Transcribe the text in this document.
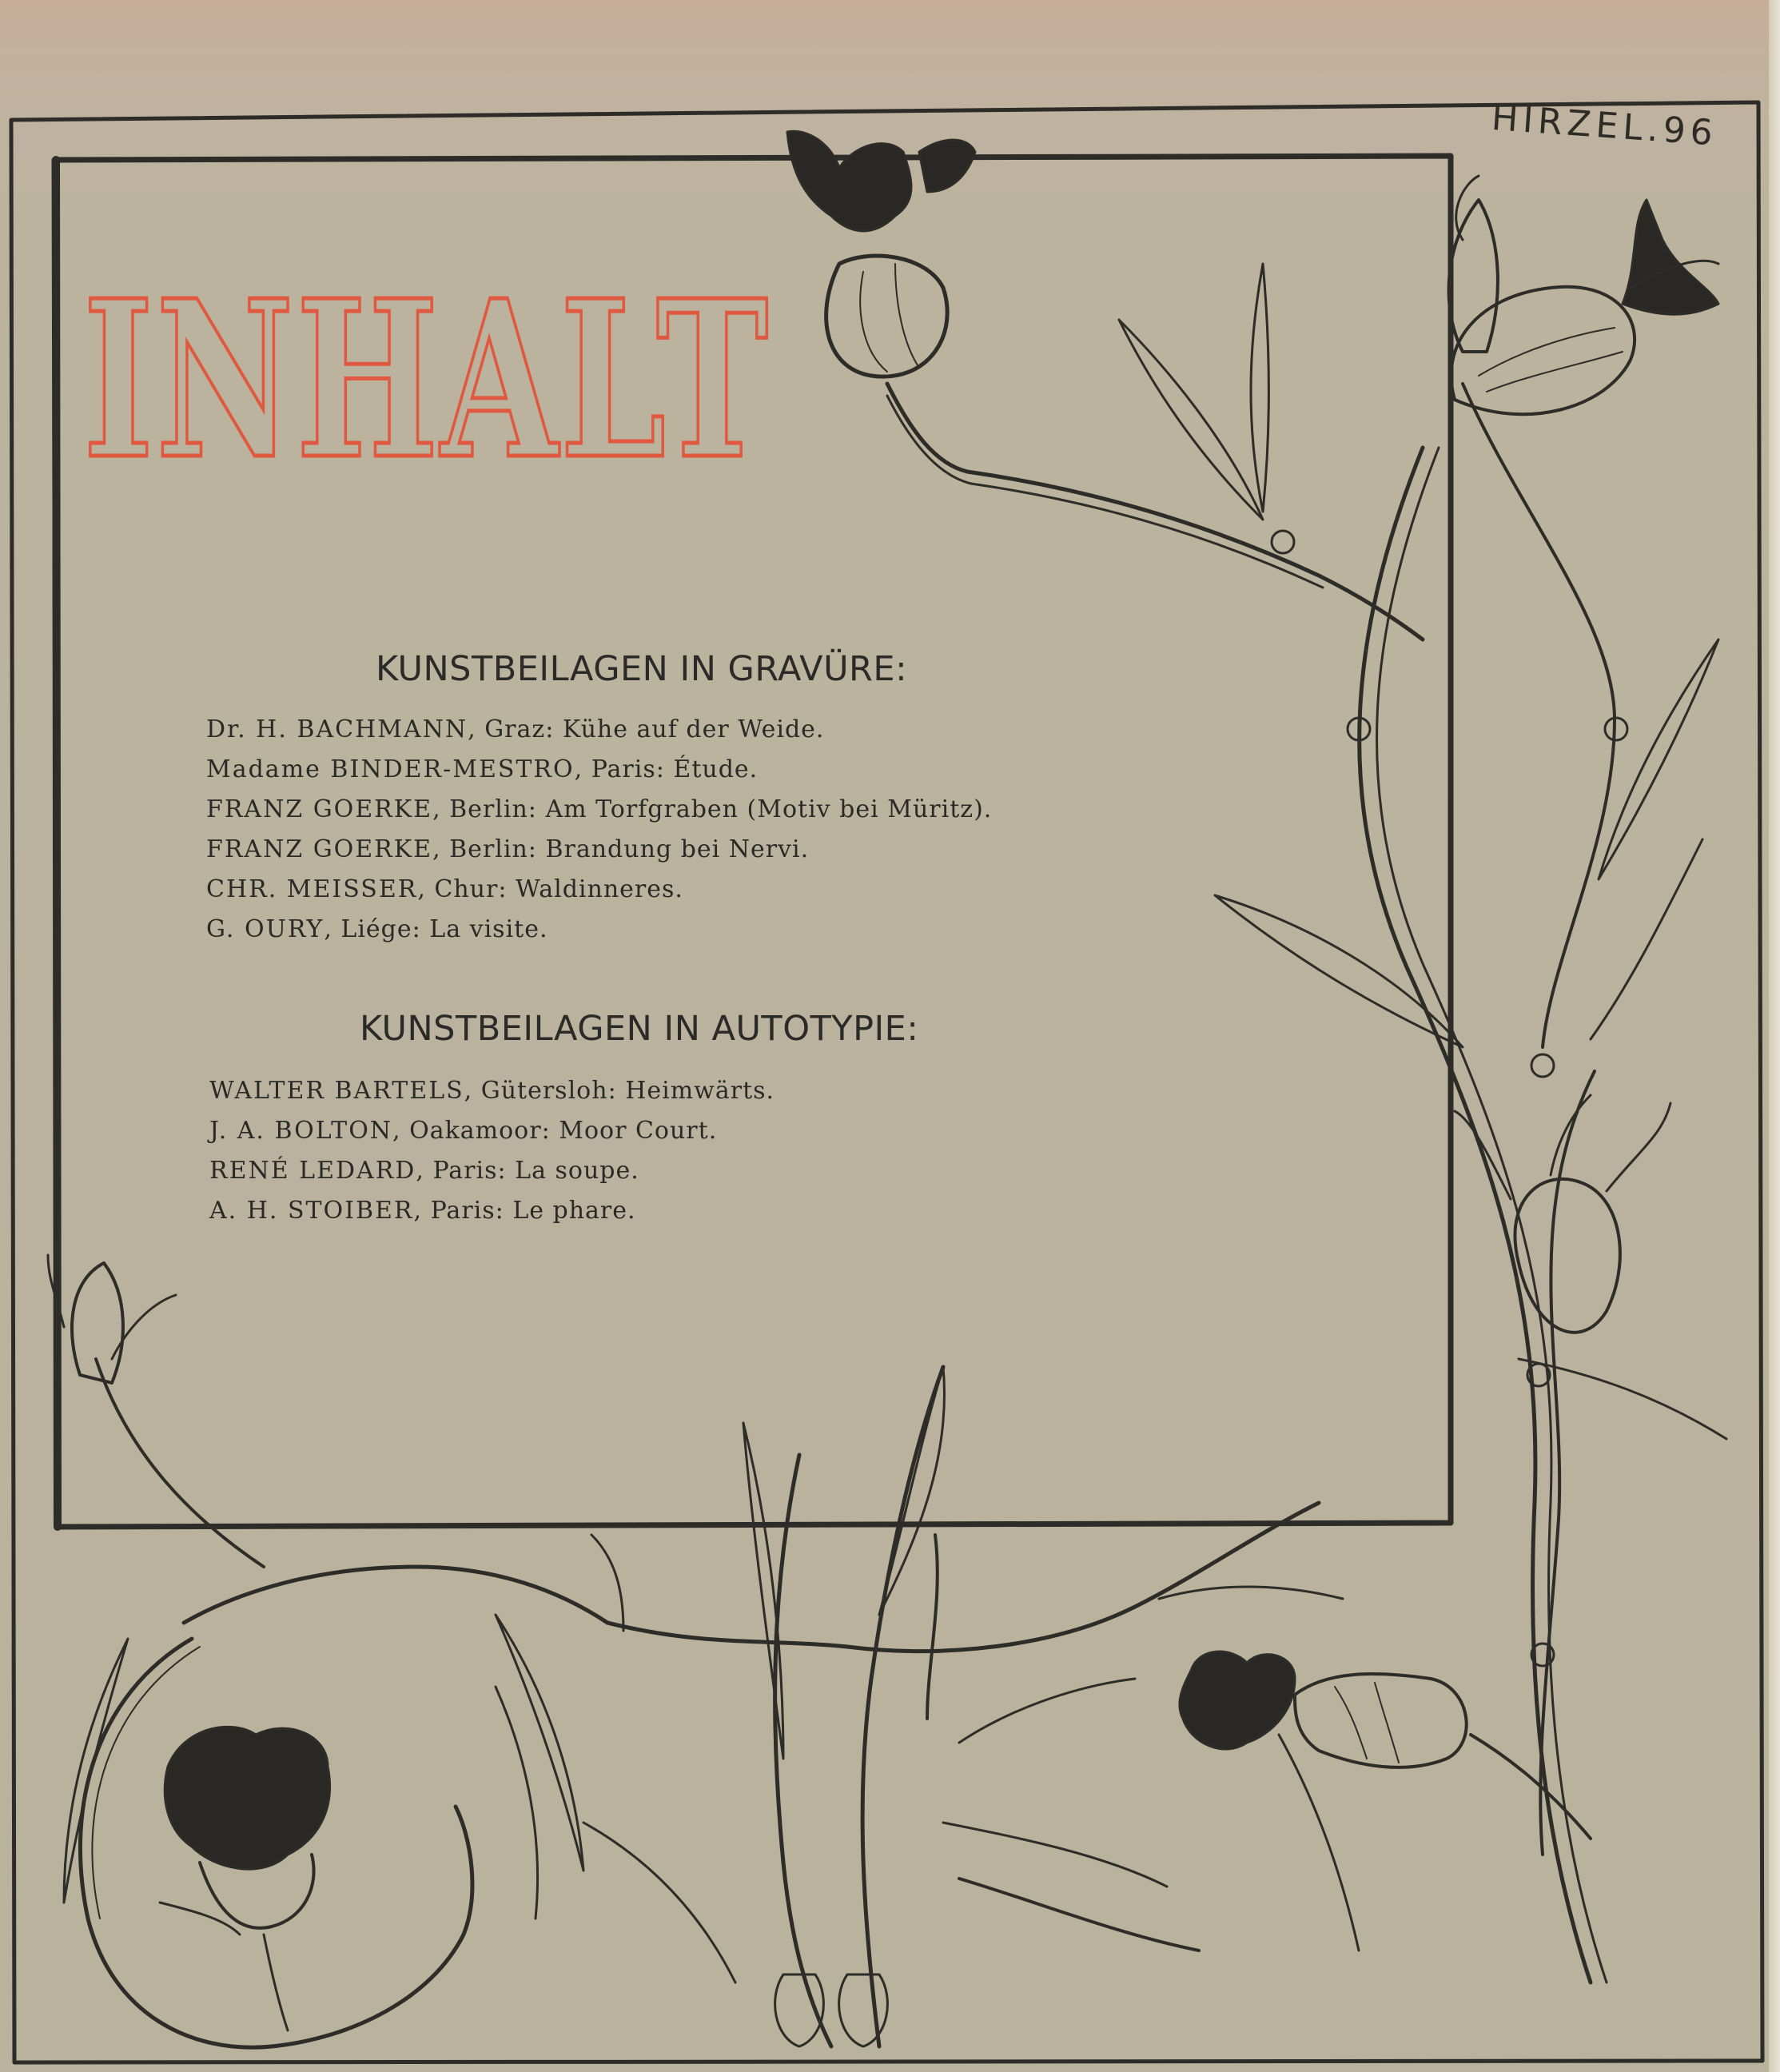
INHALT
HIRZEL.96
KUNSTBEILAGEN IN GRAVÜRE:
Dr. H. BACHMANN, Graz: Kühe auf der Weide.
Madame BINDER-MESTRO, Paris: Étude.
FRANZ GOERKE, Berlin: Am Torfgraben (Motiv bei Müritz).
FRANZ GOERKE, Berlin: Brandung bei Nervi.
CHR. MEISSER, Chur: Waldinneres.
G. OURY, Liége: La visite.
KUNSTBEILAGEN IN AUTOTYPIE:
WALTER BARTELS, Gütersloh: Heimwärts.
J. A. BOLTON, Oakamoor: Moor Court.
RENÉ LEDARD, Paris: La soupe.
A. H. STOIBER, Paris: Le phare.
